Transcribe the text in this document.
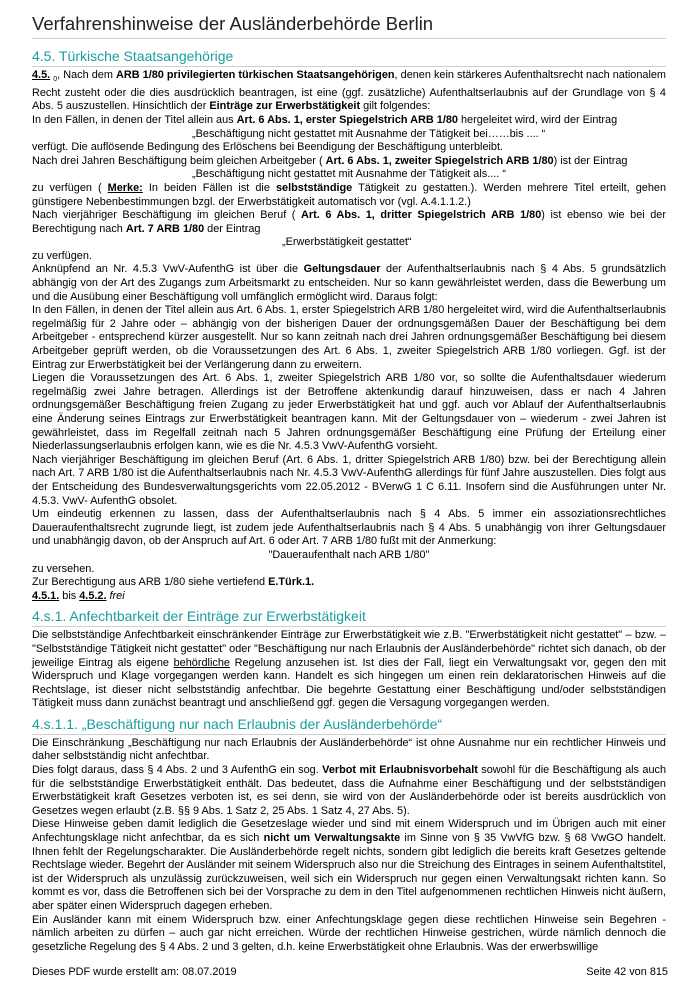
Verfahrenshinweise der Ausländerbehörde Berlin
4.5. Türkische Staatsangehörige

4.5. $_0$, Nach dem ARB 1/80 privilegierten türkischen Staatsangehörigen, denen kein stärkeres Aufenthaltsrecht nach nationalem Recht zusteht oder die dies ausdrücklich beantragen, ist eine (ggf. zusätzliche) Aufenthaltserlaubnis auf der Grundlage von § 4 Abs. 5 auszustellen. Hinsichtlich der Einträge zur Erwerbstätigkeit gilt folgendes:

In den Fällen, in denen der Titel allein aus Art. 6 Abs. 1, erster Spiegelstrich ARB 1/80 hergeleitet wird, wird der Eintrag

„Beschäftigung nicht gestattet mit Ausnahme der Tätigkeit bei……bis .... “

verfügt. Die auflösende Bedingung des Erlöschens bei Beendigung der Beschäftigung unterbleibt.

Nach drei Jahren Beschäftigung beim gleichen Arbeitgeber ( Art. 6 Abs. 1, zweiter Spiegelstrich ARB 1/80) ist der Eintrag

„Beschäftigung nicht gestattet mit Ausnahme der Tätigkeit als.... “

zu verfügen ( Merke: In beiden Fällen ist die selbstständige Tätigkeit zu gestatten.). Werden mehrere Titel erteilt, gehen günstigere Nebenbestimmungen bzgl. der Erwerbstätigkeit automatisch vor (vgl. A.4.1.1.2.)

Nach vierjähriger Beschäftigung im gleichen Beruf ( Art. 6 Abs. 1, dritter Spiegelstrich ARB 1/80) ist ebenso wie bei der Berechtigung nach Art. 7 ARB 1/80 der Eintrag

„Erwerbstätigkeit gestattet“

zu verfügen.

Anknüpfend an Nr. 4.5.3 VwV-AufenthG ist über die Geltungsdauer der Aufenthaltserlaubnis nach § 4 Abs. 5 grundsätzlich abhängig von der Art des Zugangs zum Arbeitsmarkt zu entscheiden. Nur so kann gewährleistet werden, dass die Bewerbung um und die Ausübung einer Beschäftigung voll umfänglich ermöglicht wird. Daraus folgt:

In den Fällen, in denen der Titel allein aus Art. 6 Abs. 1, erster Spiegelstrich ARB 1/80 hergeleitet wird, wird die Aufenthaltserlaubnis regelmäßig für 2 Jahre oder – abhängig von der bisherigen Dauer der ordnungsgemäßen Dauer der Beschäftigung bei dem Arbeitgeber - entsprechend kürzer ausgestellt. Nur so kann zeitnah nach drei Jahren ordnungsgemäßer Beschäftigung bei diesem Arbeitgeber geprüft werden, ob die Voraussetzungen des Art. 6 Abs. 1, zweiter Spiegelstrich ARB 1/80 vorliegen. Ggf. ist der Eintrag zur Erwerbstätigkeit bei der Verlängerung dann zu erweitern.

Liegen die Voraussetzungen des Art. 6 Abs. 1, zweiter Spiegelstrich ARB 1/80 vor, so sollte die Aufenthaltsdauer wiederum regelmäßig zwei Jahre betragen. Allerdings ist der Betroffene aktenkundig darauf hinzuweisen, dass er nach 4 Jahren ordnungsgemäßer Beschäftigung freien Zugang zu jeder Erwerbstätigkeit hat und ggf. auch vor Ablauf der Aufenthaltserlaubnis eine Änderung seines Eintrags zur Erwerbstätigkeit beantragen kann. Mit der Geltungsdauer von – wiederum - zwei Jahren ist gewährleistet, dass im Regelfall zeitnah nach 5 Jahren ordnungsgemäßer Beschäftigung eine Prüfung der Erteilung einer Niederlassungserlaubnis erfolgen kann, wie es die Nr. 4.5.3 VwV-AufenthG vorsieht.

Nach vierjähriger Beschäftigung im gleichen Beruf (Art. 6 Abs. 1, dritter Spiegelstrich ARB 1/80) bzw. bei der Berechtigung allein nach Art. 7 ARB 1/80 ist die Aufenthaltserlaubnis nach Nr. 4.5.3 VwV-AufenthG allerdings für fünf Jahre auszustellen. Dies folgt aus der Entscheidung des Bundesverwaltungsgerichts vom 22.05.2012 - BVerwG 1 C 6.11. Insofern sind die Ausführungen unter Nr. 4.5.3. VwV- AufenthG obsolet.

Um eindeutig erkennen zu lassen, dass der Aufenthaltserlaubnis nach § 4 Abs. 5 immer ein assoziationsrechtliches Daueraufenthaltsrecht zugrunde liegt, ist zudem jede Aufenthaltserlaubnis nach § 4 Abs. 5 unabhängig von ihrer Geltungsdauer und unabhängig davon, ob der Anspruch auf Art. 6 oder Art. 7 ARB 1/80 fußt mit der Anmerkung:

"Daueraufenthalt nach ARB 1/80"

zu versehen.

Zur Berechtigung aus ARB 1/80 siehe vertiefend E.Türk.1.

4.5.1. bis 4.5.2. frei

4.s.1. Anfechtbarkeit der Einträge zur Erwerbstätigkeit

Die selbstständige Anfechtbarkeit einschränkender Einträge zur Erwerbstätigkeit wie z.B. "Erwerbstätigkeit nicht gestattet" – bzw. – "Selbstständige Tätigkeit nicht gestattet" oder "Beschäftigung nur nach Erlaubnis der Ausländerbehörde" richtet sich danach, ob der jeweilige Eintrag als eigene behördliche Regelung anzusehen ist. Ist dies der Fall, liegt ein Verwaltungsakt vor, gegen den mit Widerspruch und Klage vorgegangen werden kann. Handelt es sich hingegen um einen rein deklaratorischen Hinweis auf die Rechtslage, ist dieser nicht selbstständig anfechtbar. Die begehrte Gestattung einer Beschäftigung und/oder selbstständigen Tätigkeit muss dann zunächst beantragt und anschließend ggf. gegen die Versagung vorgegangen werden.

4.s.1.1. „Beschäftigung nur nach Erlaubnis der Ausländerbehörde“

Die Einschränkung „Beschäftigung nur nach Erlaubnis der Ausländerbehörde“ ist ohne Ausnahme nur ein rechtlicher Hinweis und daher selbstständig nicht anfechtbar.

Dies folgt daraus, dass § 4 Abs. 2 und 3 AufenthG ein sog. Verbot mit Erlaubnisvorbehalt sowohl für die Beschäftigung als auch für die selbstständige Erwerbstätigkeit enthält. Das bedeutet, dass die Aufnahme einer Beschäftigung und der selbstständigen Erwerbstätigkeit kraft Gesetzes verboten ist, es sei denn, sie wird von der Ausländerbehörde oder ist bereits ausdrücklich von Gesetzes wegen erlaubt (z.B. §§ 9 Abs. 1 Satz 2, 25 Abs. 1 Satz 4, 27 Abs. 5).

Diese Hinweise geben damit lediglich die Gesetzeslage wieder und sind mit einem Widerspruch und im Übrigen auch mit einer Anfechtungsklage nicht anfechtbar, da es sich nicht um Verwaltungsakte im Sinne von § 35 VwVfG bzw. § 68 VwGO handelt. Ihnen fehlt der Regelungscharakter. Die Ausländerbehörde regelt nichts, sondern gibt lediglich die bereits kraft Gesetzes geltende Rechtslage wieder. Begehrt der Ausländer mit seinem Widerspruch also nur die Streichung des Eintrages in seinem Aufenthaltstitel, ist der Widerspruch als unzulässig zurückzuweisen, weil sich ein Widerspruch nur gegen einen Verwaltungsakt richten kann. So kommt es vor, dass die Betroffenen sich bei der Vorsprache zu dem in den Titel aufgenommenen rechtlichen Hinweis nicht äußern, aber später einen Widerspruch dagegen erheben.

Ein Ausländer kann mit einem Widerspruch bzw. einer Anfechtungsklage gegen diese rechtlichen Hinweise sein Begehren - nämlich arbeiten zu dürfen – auch gar nicht erreichen. Würde der rechtlichen Hinweise gestrichen, würde nämlich dennoch die gesetzliche Regelung des § 4 Abs. 2 und 3 gelten, d.h. keine Erwerbstätigkeit ohne Erlaubnis. Was der erwerbswillige

Dieses PDF wurde erstellt am: 08.07.2019	Seite 42 von 815
